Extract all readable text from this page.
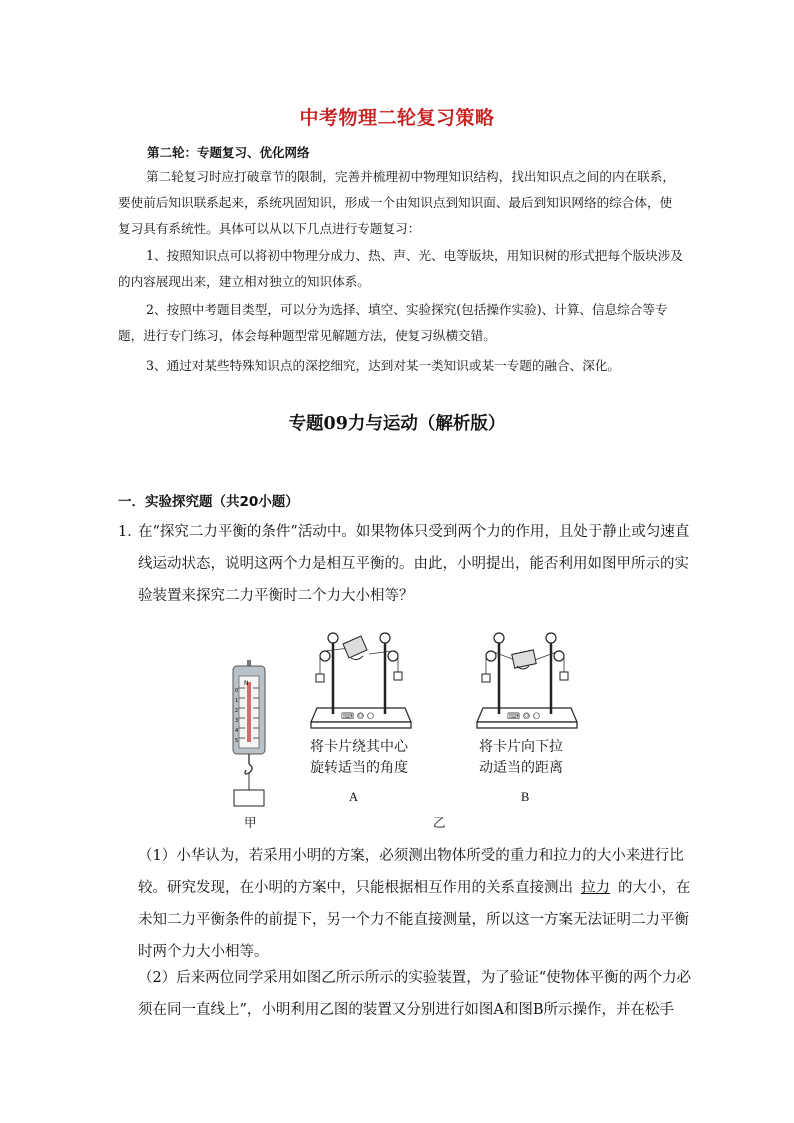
中考物理二轮复习策略
第二轮：专题复习、优化网络
第二轮复习时应打破章节的限制，完善并梳理初中物理知识结构，找出知识点之间的内在联系，要使前后知识联系起来，系统巩固知识，形成一个由知识点到知识面、最后到知识网络的综合体，使复习具有系统性。具体可以从以下几点进行专题复习：
1、按照知识点可以将初中物理分成力、热、声、光、电等版块，用知识树的形式把每个版块涉及的内容展现出来，建立相对独立的知识体系。
2、按照中考题目类型，可以分为选择、填空、实验探究(包括操作实验)、计算、信息综合等专题，进行专门练习，体会每种题型常见解题方法，使复习纵横交错。
3、通过对某些特殊知识点的深挖细究，达到对某一类知识或某一专题的融合、深化。
专题09力与运动（解析版）
一．实验探究题（共20小题）
1．
在“探究二力平衡的条件”活动中。如果物体只受到两个力的作用，且处于静止或匀速直线运动状态，说明这两个力是相互平衡的。由此，小明提出，能否利用如图甲所示的实验装置来探究二力平衡时二个力大小相等？
N
0
1
2
3
4
5
⌨ ⭗ ⭘	⌨ ⭗ ⭘
将卡片绕其中心
旋转适当的角度
将卡片向下拉
动适当的距离
A	B
甲	乙
（1）小华认为，若采用小明的方案，必须测出物体所受的重力和拉力的大小来进行比较。研究发现，在小明的方案中，只能根据相互作用的关系直接测出 拉力 的大小，在未知二力平衡条件的前提下，另一个力不能直接测量，所以这一方案无法证明二力平衡时两个力大小相等。
（2）后来两位同学采用如图乙所示所示的实验装置，为了验证“使物体平衡的两个力必须在同一直线上”，小明利用乙图的装置又分别进行如图A和图B所示操作，并在松手
